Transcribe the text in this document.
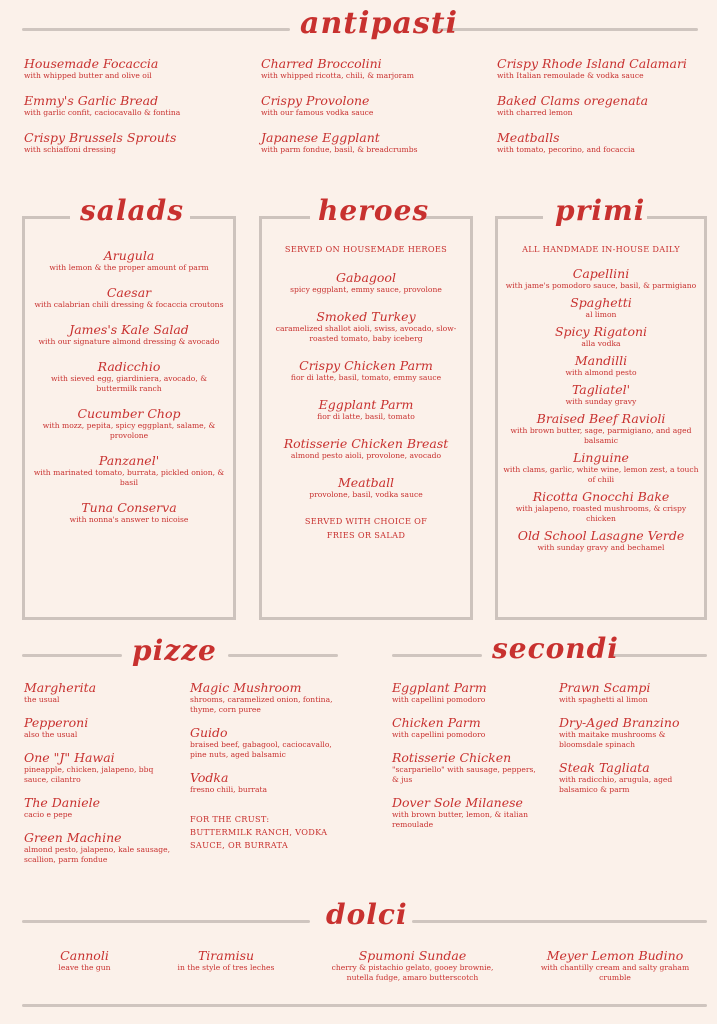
antipasti
Housemade Focaccia
with whipped butter and olive oil
Emmy's Garlic Bread
with garlic confit, caciocavallo & fontina
Crispy Brussels Sprouts
with schiaffoni dressing
Charred Broccolini
with whipped ricotta, chili, & marjoram
Crispy Provolone
with our famous vodka sauce
Japanese Eggplant
with parm fondue, basil, & breadcrumbs
Crispy Rhode Island Calamari
with Italian remoulade & vodka sauce
Baked Clams oregenata
with charred lemon
Meatballs
with tomato, pecorino, and focaccia
salads	heroes	primi
Arugula
with lemon & the proper amount of parm
Caesar
with calabrian chili dressing & focaccia croutons
James's Kale Salad
with our signature almond dressing & avocado
Radicchio
with sieved egg, giardiniera, avocado, & buttermilk ranch
Cucumber Chop
with mozz, pepita, spicy eggplant, salame, & provolone
Panzanel'
with marinated tomato, burrata, pickled onion, & basil
Tuna Conserva
with nonna's answer to nicoise
SERVED ON HOUSEMADE HEROES
Gabagool
spicy eggplant, emmy sauce, provolone
Smoked Turkey
caramelized shallot aioli, swiss, avocado, slow-roasted tomato, baby iceberg
Crispy Chicken Parm
fior di latte, basil, tomato, emmy sauce
Eggplant Parm
fior di latte, basil, tomato
Rotisserie Chicken Breast
almond pesto aioli, provolone, avocado
Meatball
provolone, basil, vodka sauce
SERVED WITH CHOICE OF FRIES OR SALAD
ALL HANDMADE IN-HOUSE DAILY
Capellini
with jame's pomodoro sauce, basil, & parmigiano
Spaghetti
al limon
Spicy Rigatoni
alla vodka
Mandilli
with almond pesto
Tagliatel'
with sunday gravy
Braised Beef Ravioli
with brown butter, sage, parmigiano, and aged balsamic
Linguine
with clams, garlic, white wine, lemon zest, a touch of chili
Ricotta Gnocchi Bake
with jalapeno, roasted mushrooms, & crispy chicken
Old School Lasagne Verde
with sunday gravy and bechamel
pizze	secondi
Margherita
the usual
Pepperoni
also the usual
One "J" Hawai
pineapple, chicken, jalapeno, bbq sauce, cilantro
The Daniele
cacio e pepe
Green Machine
almond pesto, jalapeno, kale sausage, scallion, parm fondue
Magic Mushroom
shrooms, caramelized onion, fontina, thyme, corn puree
Guido
braised beef, gabagool, caciocavallo, pine nuts, aged balsamic
Vodka
fresno chili, burrata
FOR THE CRUST: BUTTERMILK RANCH, VODKA SAUCE, OR BURRATA
Eggplant Parm
with capellini pomodoro
Chicken Parm
with capellini pomodoro
Rotisserie Chicken
"scarpariello" with sausage, peppers, & jus
Dover Sole Milanese
with brown butter, lemon, & italian remoulade
Prawn Scampi
with spaghetti al limon
Dry-Aged Branzino
with maitake mushrooms & bloomsdale spinach
Steak Tagliata
with radicchio, arugula, aged balsamico & parm
dolci
Cannoli
leave the gun
Tiramisu
in the style of tres leches
Spumoni Sundae
cherry & pistachio gelato, gooey brownie, nutella fudge, amaro butterscotch
Meyer Lemon Budino
with chantilly cream and salty graham crumble
